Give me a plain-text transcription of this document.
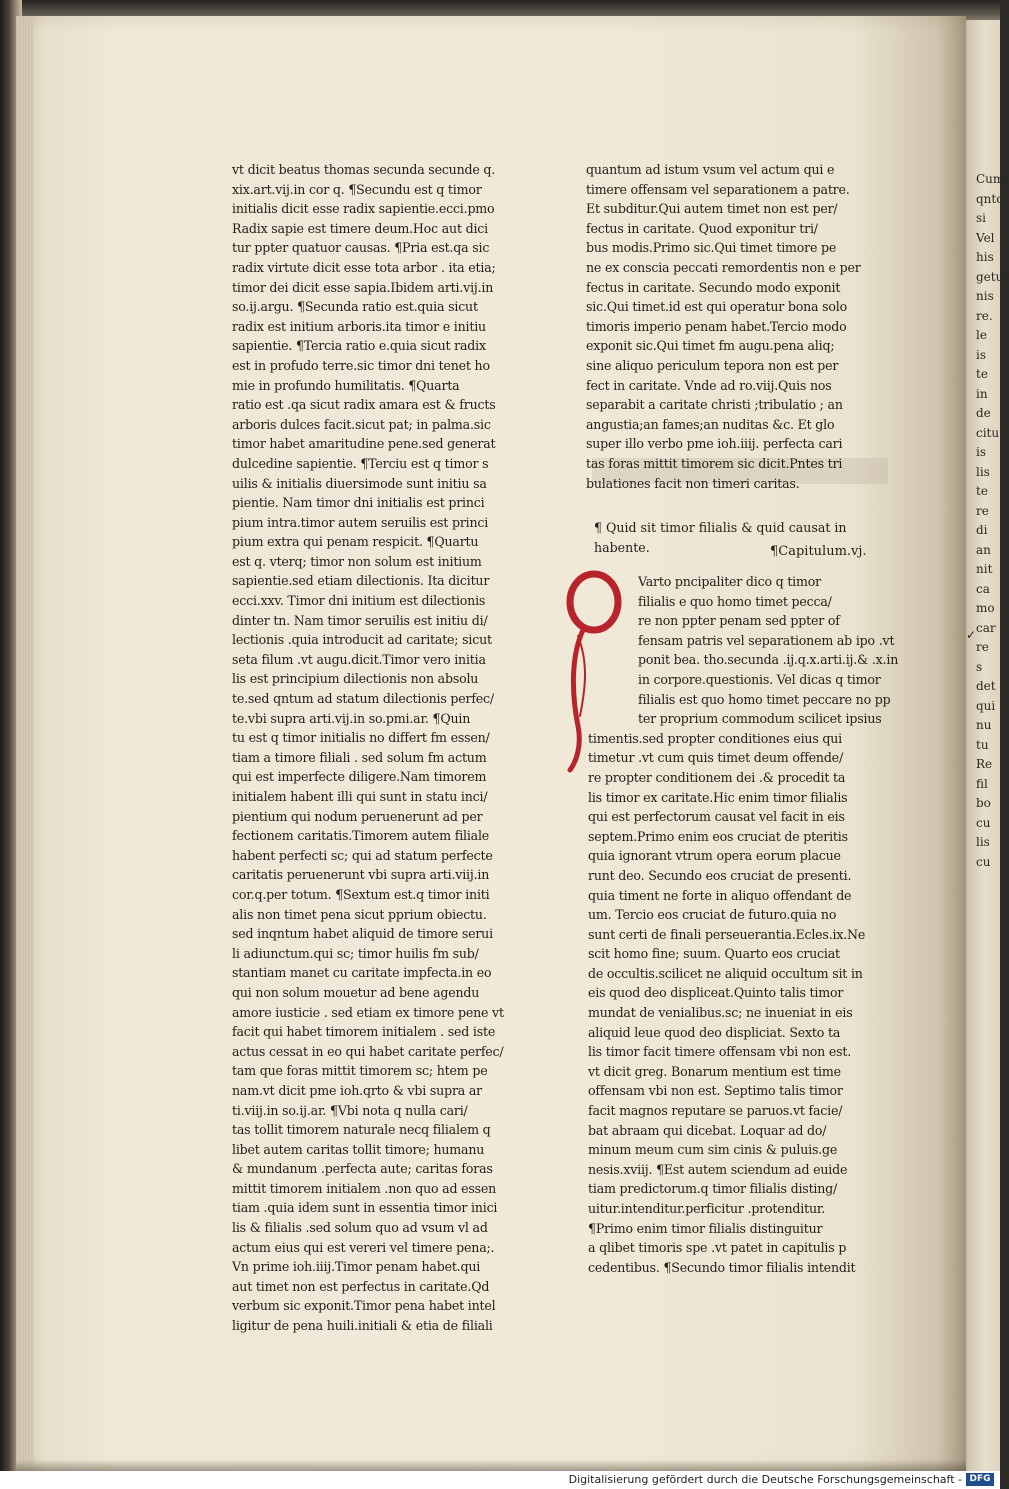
Cum
qnto
si
Vel
his
getur
nis
re.
le
is
te
in
de
citu
is
lis
te
re
di
an
nit
ca
mo
car
re
s
det
qui
nu
tu
Re
fil
bo
cu
lis
cu
vt dicit beatus thomas secunda secunde q.
xix.art.vij.in cor q. ¶Secundu est q timor
initialis dicit esse radix sapientie.ecci.pmo
Radix sapie est timere deum.Hoc aut dici
tur ppter quatuor causas. ¶Pria est.qa sic
radix virtute dicit esse tota arbor . ita etia;
timor dei dicit esse sapia.Ibidem arti.vij.in
so.ij.argu. ¶Secunda ratio est.quia sicut
radix est initium arboris.ita timor e initiu
sapientie. ¶Tercia ratio e.quia sicut radix
est in profudo terre.sic timor dni tenet ho
mie in profundo humilitatis. ¶Quarta
ratio est .qa sicut radix amara est & fructs
arboris dulces facit.sicut pat; in palma.sic
timor habet amaritudine pene.sed generat
dulcedine sapientie. ¶Terciu est q timor s
uilis & initialis diuersimode sunt initiu sa
pientie. Nam timor dni initialis est princi
pium intra.timor autem seruilis est princi
pium extra qui penam respicit. ¶Quartu
est q. vterq; timor non solum est initium
sapientie.sed etiam dilectionis. Ita dicitur
ecci.xxv. Timor dni initium est dilectionis
dinter tn. Nam timor seruilis est initiu di/
lectionis .quia introducit ad caritate; sicut
seta filum .vt augu.dicit.Timor vero initia
lis est principium dilectionis non absolu
te.sed qntum ad statum dilectionis perfec/
te.vbi supra arti.vij.in so.pmi.ar. ¶Quin
tu est q timor initialis no differt fm essen/
tiam a timore filiali . sed solum fm actum
qui est imperfecte diligere.Nam timorem
initialem habent illi qui sunt in statu inci/
pientium qui nodum peruenerunt ad per
fectionem caritatis.Timorem autem filiale
habent perfecti sc; qui ad statum perfecte
caritatis peruenerunt vbi supra arti.viij.in
cor.q.per totum. ¶Sextum est.q timor initi
alis non timet pena sicut pprium obiectu.
sed inqntum habet aliquid de timore serui
li adiunctum.qui sc; timor huilis fm sub/
stantiam manet cu caritate impfecta.in eo
qui non solum mouetur ad bene agendu
amore iusticie . sed etiam ex timore pene vt
facit qui habet timorem initialem . sed iste
actus cessat in eo qui habet caritate perfec/
tam que foras mittit timorem sc; htem pe
nam.vt dicit pme ioh.qrto & vbi supra ar
ti.viij.in so.ij.ar. ¶Vbi nota q nulla cari/
tas tollit timorem naturale necq filialem q
libet autem caritas tollit timore; humanu
& mundanum .perfecta aute; caritas foras
mittit timorem initialem .non quo ad essen
tiam .quia idem sunt in essentia timor inici
lis & filialis .sed solum quo ad vsum vl ad
actum eius qui est vereri vel timere pena;.
Vn prime ioh.iiij.Timor penam habet.qui
aut timet non est perfectus in caritate.Qd
verbum sic exponit.Timor pena habet intel
ligitur de pena huili.initiali & etia de filiali
quantum ad istum vsum vel actum qui e
timere offensam vel separationem a patre.
Et subditur.Qui autem timet non est per/
fectus in caritate. Quod exponitur tri/
bus modis.Primo sic.Qui timet timore pe
ne ex conscia peccati remordentis non e per
fectus in caritate. Secundo modo exponit
sic.Qui timet.id est qui operatur bona solo
timoris imperio penam habet.Tercio modo
exponit sic.Qui timet fm augu.pena aliq;
sine aliquo periculum tepora non est per
fect in caritate. Vnde ad ro.viij.Quis nos
separabit a caritate christi ;tribulatio ; an
angustia;an fames;an nuditas &c. Et glo
super illo verbo pme ioh.iiij. perfecta cari
tas foras mittit timorem sic dicit.Pntes tri
bulationes facit non timeri caritas.
¶ Quid sit timor filialis & quid causat in
habente.	¶Capitulum.vj.
Varto pncipaliter dico q timor
filialis e quo homo timet pecca/
re non ppter penam sed ppter of
fensam patris vel separationem ab ipo .vt
ponit bea. tho.secunda .ij.q.x.arti.ij.& .x.in
in corpore.questionis. Vel dicas q timor
filialis est quo homo timet peccare no pp
ter proprium commodum scilicet ipsius
timentis.sed propter conditiones eius qui
timetur .vt cum quis timet deum offende/
re propter conditionem dei .& procedit ta
lis timor ex caritate.Hic enim timor filialis
qui est perfectorum causat vel facit in eis
septem.Primo enim eos cruciat de pteritis
quia ignorant vtrum opera eorum placue
runt deo. Secundo eos cruciat de presenti.
quia timent ne forte in aliquo offendant de
um. Tercio eos cruciat de futuro.quia no
sunt certi de finali perseuerantia.Ecles.ix.Ne
scit homo fine; suum. Quarto eos cruciat
de occultis.scilicet ne aliquid occultum sit in
eis quod deo displiceat.Quinto talis timor
mundat de venialibus.sc; ne inueniat in eis
aliquid leue quod deo displiciat. Sexto ta
lis timor facit timere offensam vbi non est.
vt dicit greg. Bonarum mentium est time
offensam vbi non est. Septimo talis timor
facit magnos reputare se paruos.vt facie/
bat abraam qui dicebat. Loquar ad do/
minum meum cum sim cinis & puluis.ge
nesis.xviij. ¶Est autem sciendum ad euide
tiam predictorum.q timor filialis disting/
uitur.intenditur.perficitur .protenditur.
¶Primo enim timor filialis distinguitur
a qlibet timoris spe .vt patet in capitulis p
cedentibus. ¶Secundo timor filialis intendit
✓
Digitalisierung gefördert durch die Deutsche Forschungsgemeinschaft - DFG
